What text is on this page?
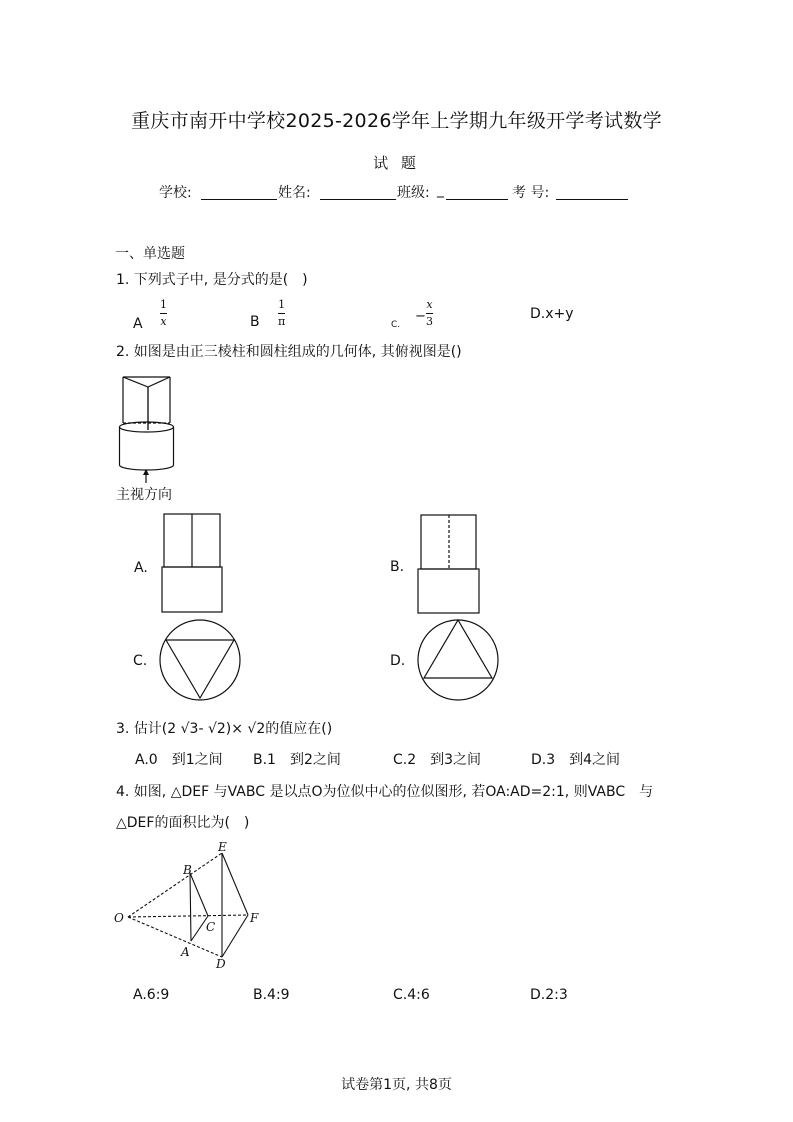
重庆市南开中学校2025-2026学年上学期九年级开学考试数学
试 题
学校:	姓名:	班级: _	考 号:
一、单选题
1. 下列式子中, 是分式的是(　)
A
1
x	B
1
π	C.
−
x
3	D.x+y
2. 如图是由正三棱柱和圆柱组成的几何体, 其俯视图是()
主视方向
A.	B.
C.	D.
3. 估计(2 √3- √2)× √2的值应在()
A.0　到1之间 B.1　到2之间	C.2　到3之间	D.3　到4之间
4. 如图, △DEF 与VABC 是以点O为位似中心的位似图形, 若OA:AD=2:1, 则VABC　与
△DEF的面积比为(　)
O
A
B
C
D
E
F
A.6:9	B.4:9	C.4:6	D.2:3
试卷第1页, 共8页
